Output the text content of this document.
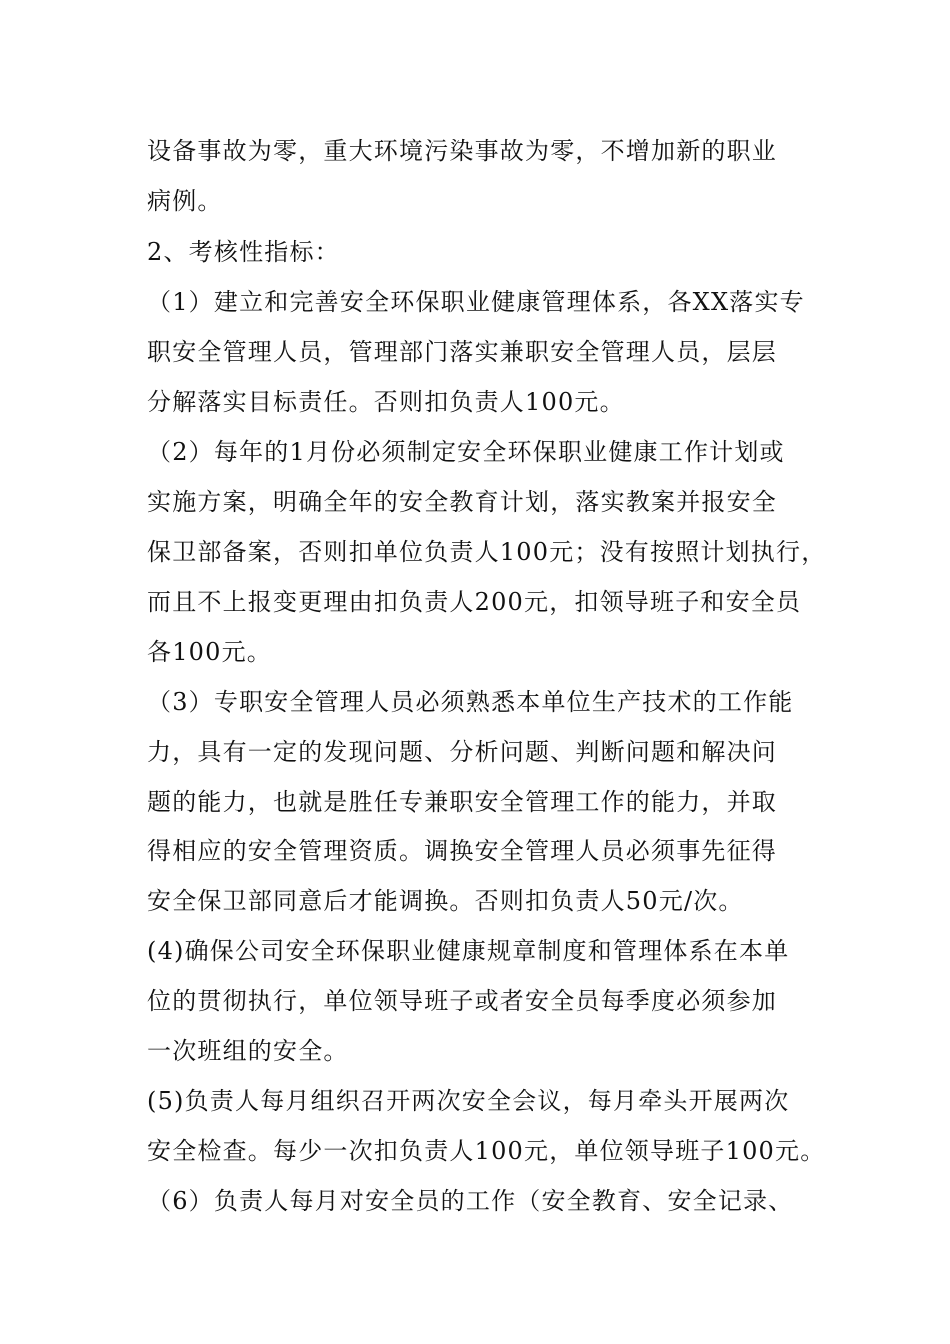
设备事故为零，重大环境污染事故为零，不增加新的职业
病例。
2、考核性指标：
（1）建立和完善安全环保职业健康管理体系，各XX落实专
职安全管理人员，管理部门落实兼职安全管理人员，层层
分解落实目标责任。否则扣负责人100元。
（2）每年的1月份必须制定安全环保职业健康工作计划或
实施方案，明确全年的安全教育计划，落实教案并报安全
保卫部备案，否则扣单位负责人100元；没有按照计划执行，
而且不上报变更理由扣负责人200元，扣领导班子和安全员
各100元。
（3）专职安全管理人员必须熟悉本单位生产技术的工作能
力，具有一定的发现问题、分析问题、判断问题和解决问
题的能力，也就是胜任专兼职安全管理工作的能力，并取
得相应的安全管理资质。调换安全管理人员必须事先征得
安全保卫部同意后才能调换。否则扣负责人50元/次。
(4)确保公司安全环保职业健康规章制度和管理体系在本单
位的贯彻执行，单位领导班子或者安全员每季度必须参加
一次班组的安全。
(5)负责人每月组织召开两次安全会议，每月牵头开展两次
安全检查。每少一次扣负责人100元，单位领导班子100元。
（6）负责人每月对安全员的工作（安全教育、安全记录、
